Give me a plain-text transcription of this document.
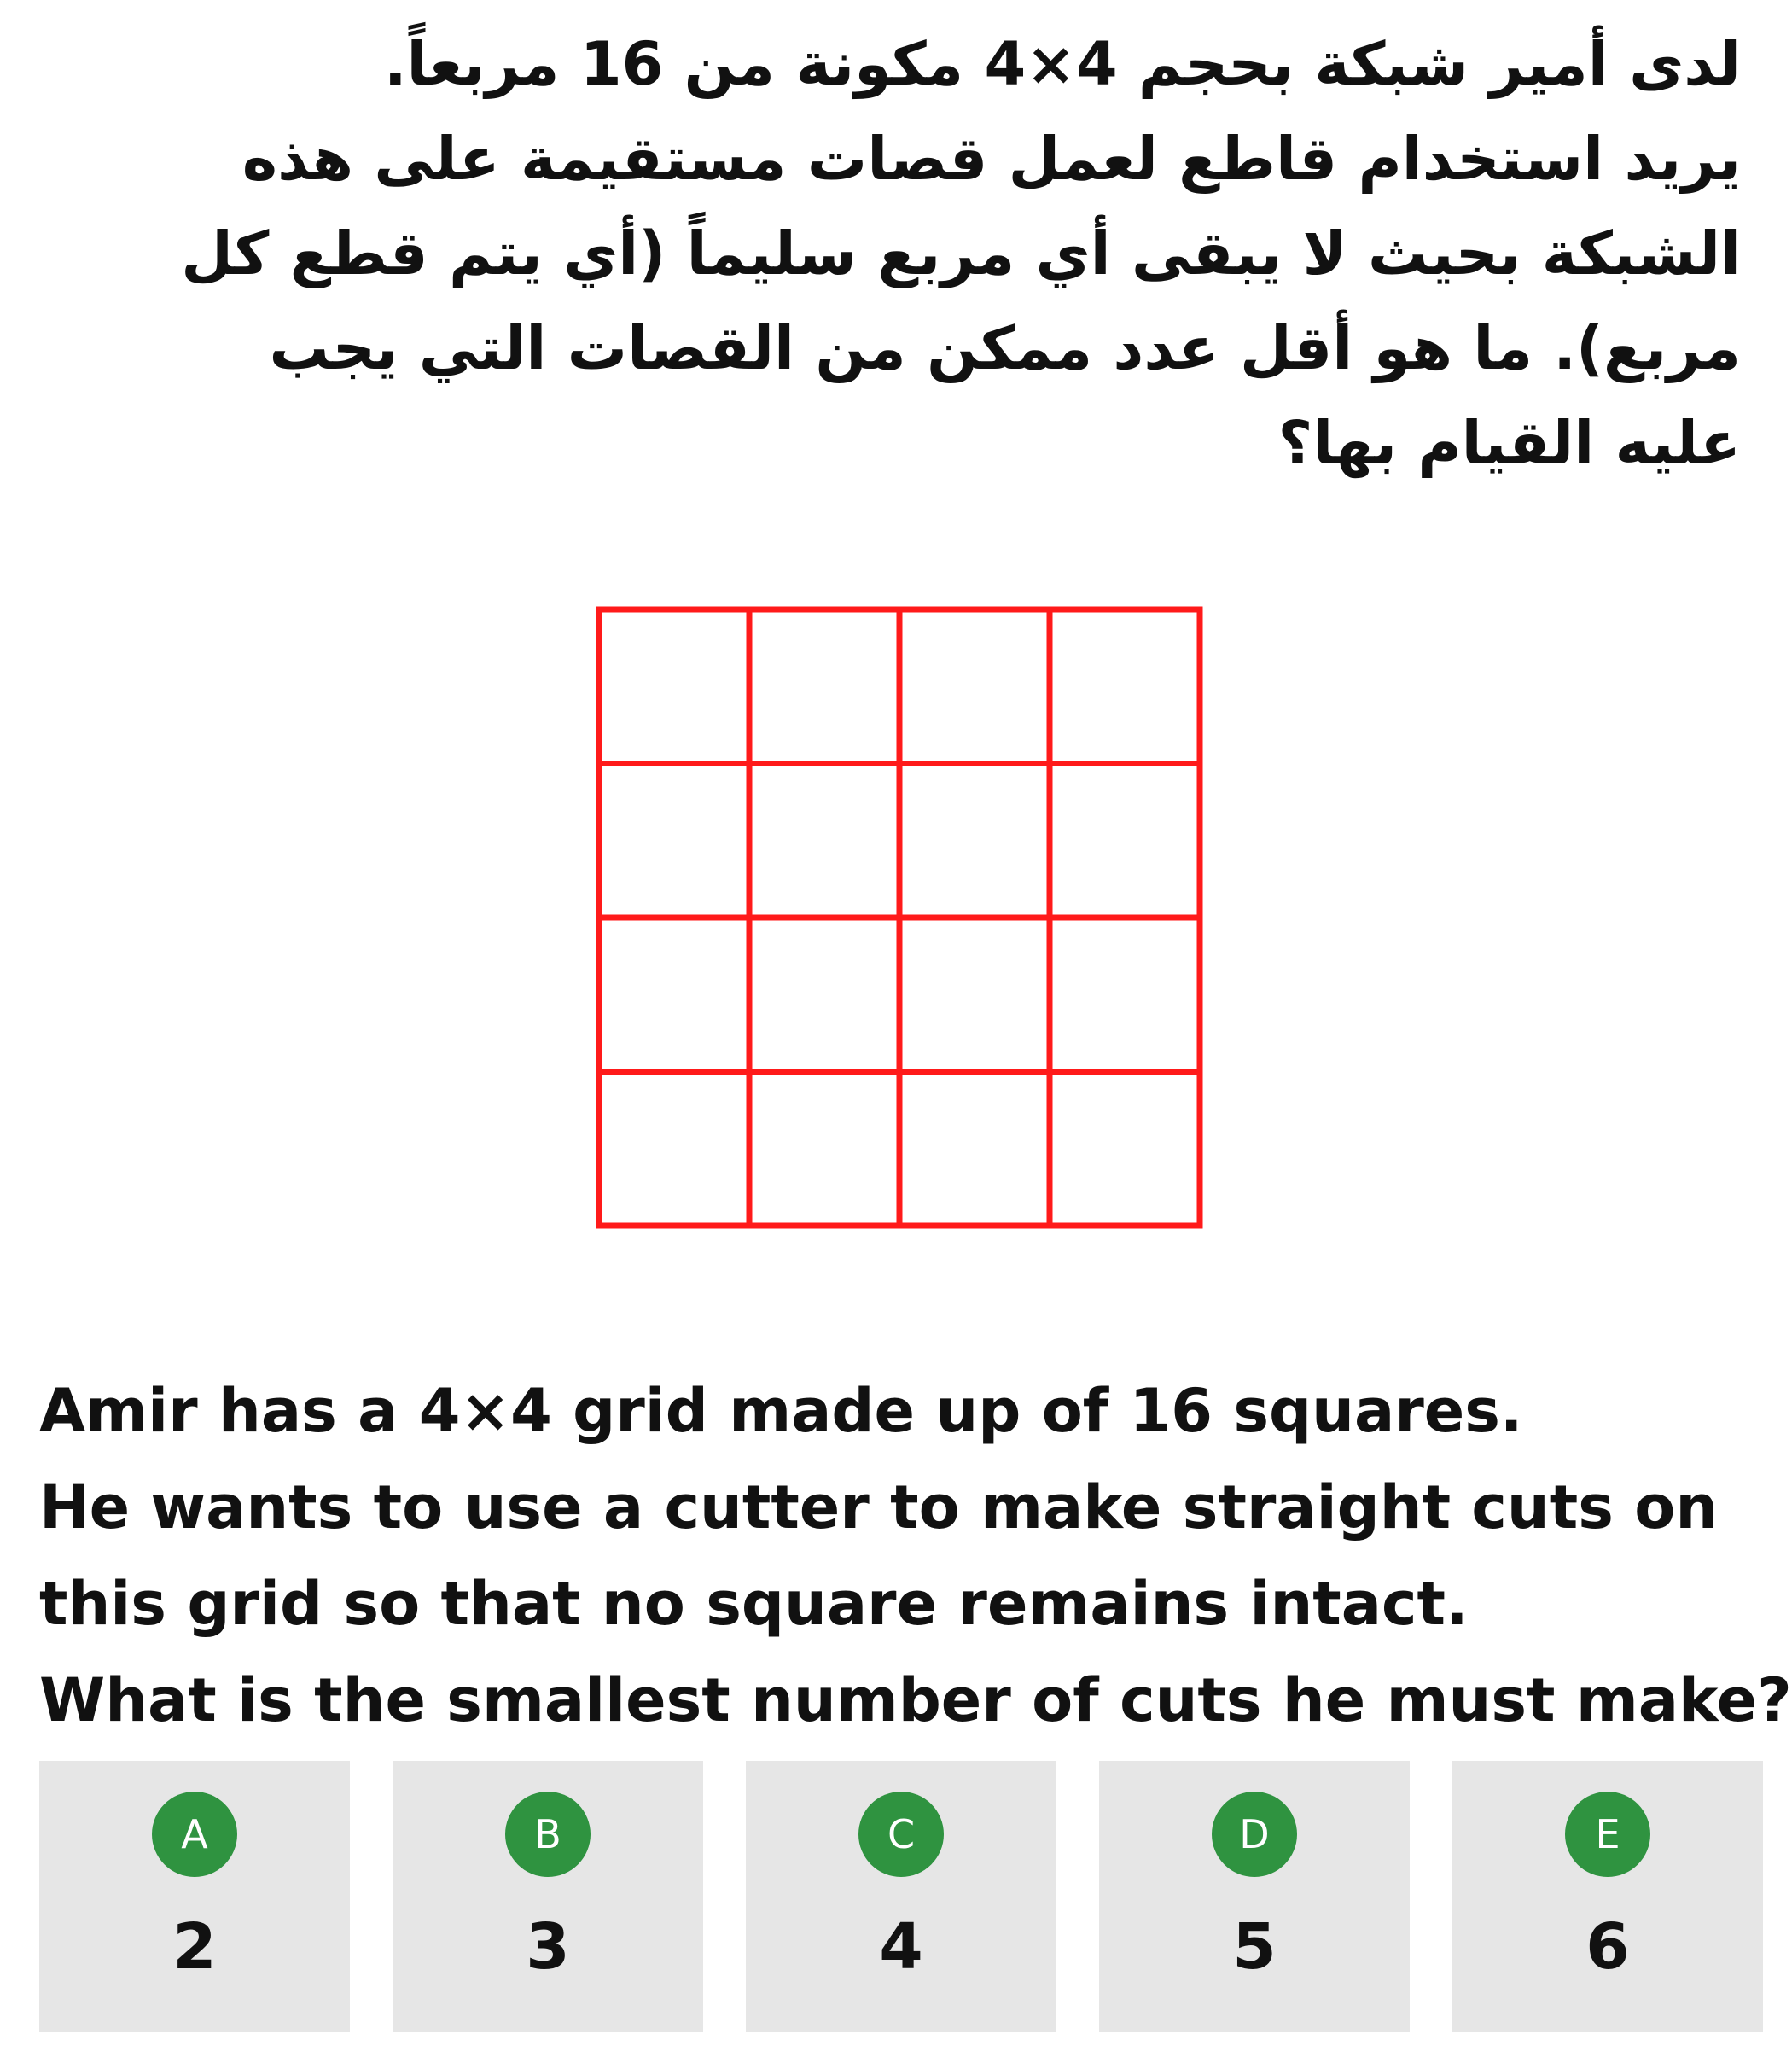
لدى أمير شبكة بحجم 4×4 مكونة من 16 مربعاً.
يريد استخدام قاطع لعمل قصات مستقيمة على هذه
الشبكة بحيث لا يبقى أي مربع سليماً (أي يتم قطع كل
مربع). ما هو أقل عدد ممكن من القصات التي يجب
عليه القيام بها؟
Amir has a 4×4 grid made up of 16 squares.
He wants to use a cutter to make straight cuts on
this grid so that no square remains intact.
What is the smallest number of cuts he must make?
A
2
B
3
C
4
D
5
E
6
